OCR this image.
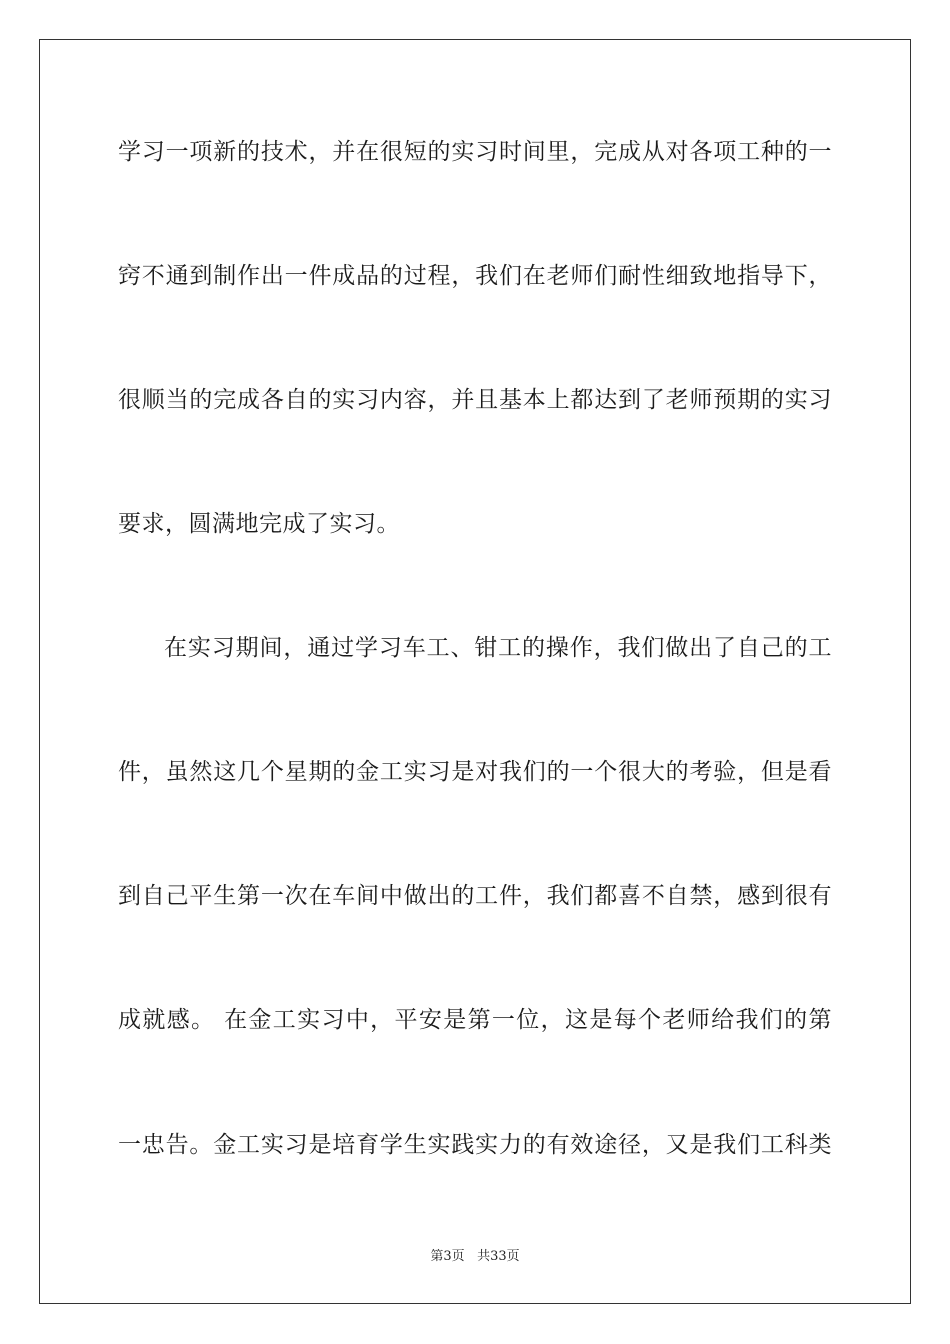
学习一项新的技术，并在很短的实习时间里，完成从对各项工种的一
窍不通到制作出一件成品的过程，我们在老师们耐性细致地指导下，
很顺当的完成各自的实习内容，并且基本上都达到了老师预期的实习
要求，圆满地完成了实习。
在实习期间，通过学习车工、钳工的操作，我们做出了自己的工
件，虽然这几个星期的金工实习是对我们的一个很大的考验，但是看
到自己平生第一次在车间中做出的工件，我们都喜不自禁，感到很有
成就感。 在金工实习中，平安是第一位，这是每个老师给我们的第
一忠告。金工实习是培育学生实践实力的有效途径，又是我们工科类
第3页 共33页
